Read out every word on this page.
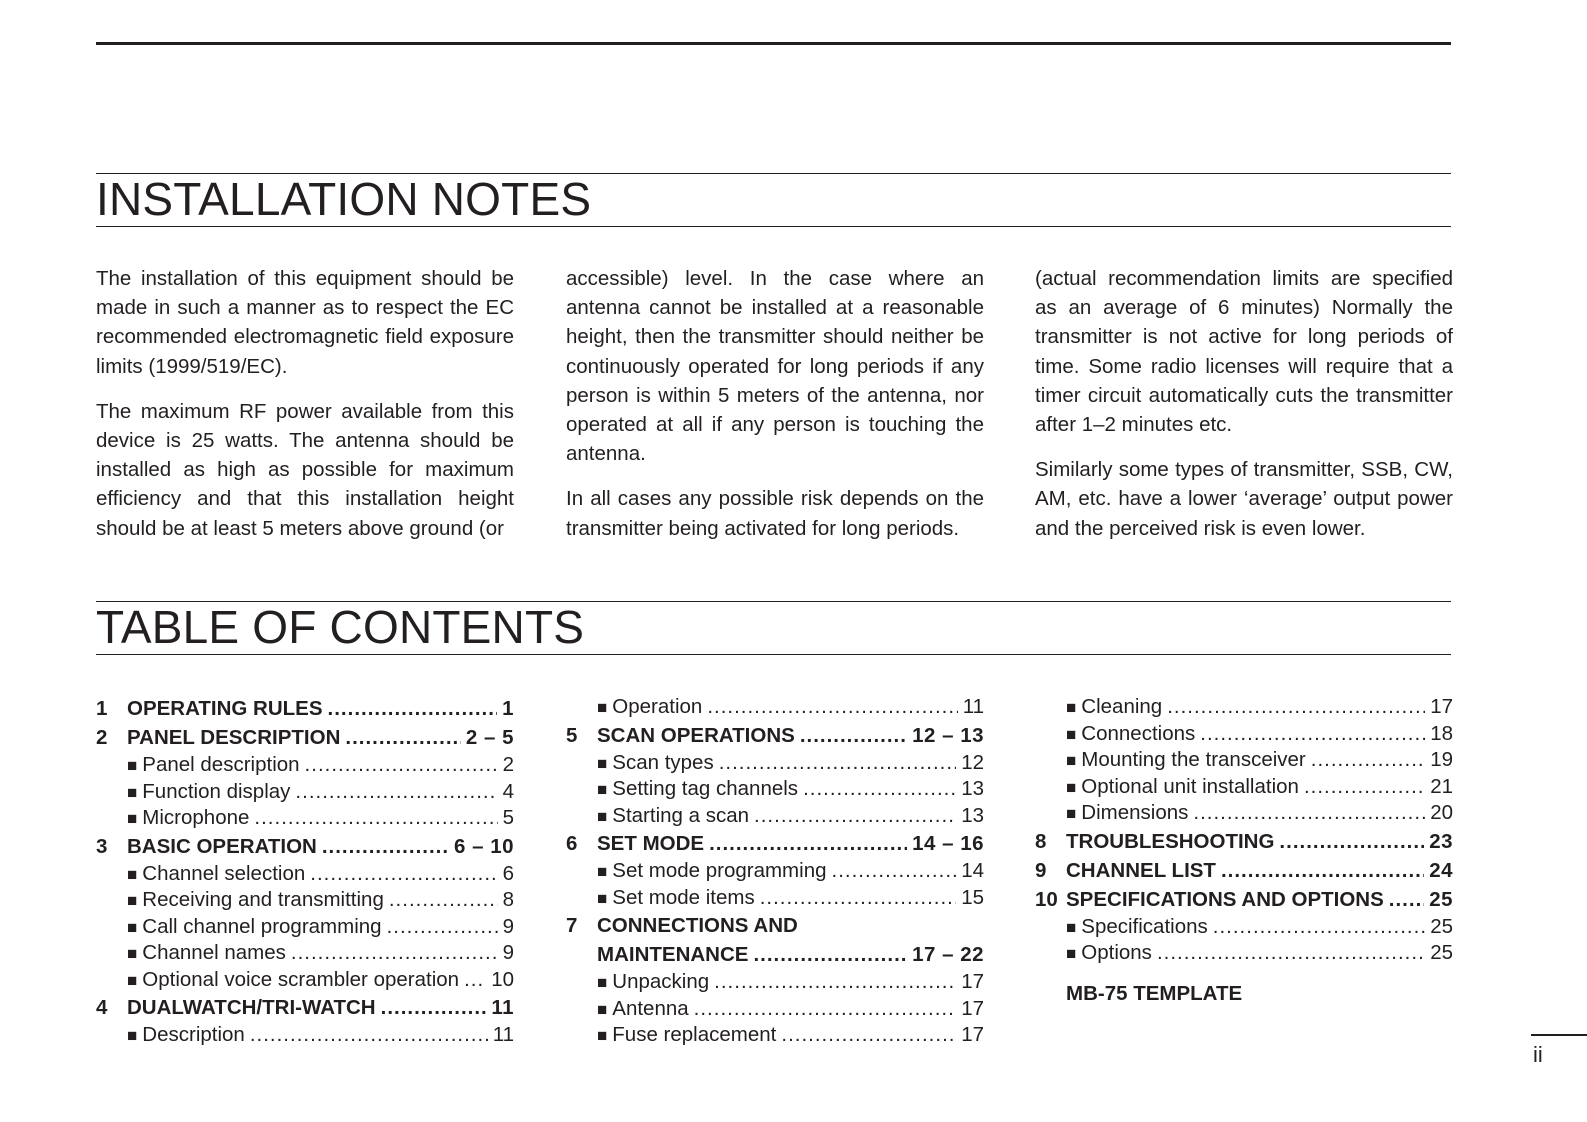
INSTALLATION NOTES

The installation of this equipment should be made in such a manner as to respect the EC recommended electromagnetic field exposure limits (1999/519/EC).

The maximum RF power available from this device is 25 watts. The antenna should be installed as high as possible for maximum efficiency and that this installation height should be at least 5 meters above ground (or

accessible) level. In the case where an antenna cannot be installed at a reasonable height, then the transmitter should neither be continuously operated for long periods if any person is within 5 meters of the antenna, nor operated at all if any person is touching the antenna.

In all cases any possible risk depends on the transmitter being activated for long periods.

(actual recommendation limits are specified as an average of 6 minutes) Normally the transmitter is not active for long periods of time. Some radio licenses will require that a timer circuit automatically cuts the transmitter after 1–2 minutes etc.

Similarly some types of transmitter, SSB, CW, AM, etc. have a lower ‘average’ output power and the perceived risk is even lower.

TABLE OF CONTENTS
1 OPERATING RULES .....	1
2 PANEL DESCRIPTION .....	2 – 5
■ Panel description .....	2
■ Function display .....	4
■ Microphone .....	5
3 BASIC OPERATION .....	6 – 10
■ Channel selection .....	6
■ Receiving and transmitting .....	8
■ Call channel programming .....	9
■ Channel names .....	9
■ Optional voice scrambler operation ..... 10
4 DUALWATCH/TRI-WATCH .....	11
■ Description .....	11
■ Operation .....	11
5 SCAN OPERATIONS .....	12 – 13
■ Scan types .....	12
■ Setting tag channels .....	13
■ Starting a scan .....	13
6 SET MODE .....	14 – 16
■ Set mode programming .....	14
■ Set mode items .....	15
7 CONNECTIONS AND
MAINTENANCE .....	17 – 22
■ Unpacking .....	17
■ Antenna .....	17
■ Fuse replacement .....	17
■ Cleaning .....	17
■ Connections .....	18
■ Mounting the transceiver .....	19
■ Optional unit installation .....	21
■ Dimensions .....	20
8 TROUBLESHOOTING .....	23
9 CHANNEL LIST .....	24
10 SPECIFICATIONS AND OPTIONS ..... 25
■ Specifications .....	25
■ Options .....	25
MB-75 TEMPLATE
ii
